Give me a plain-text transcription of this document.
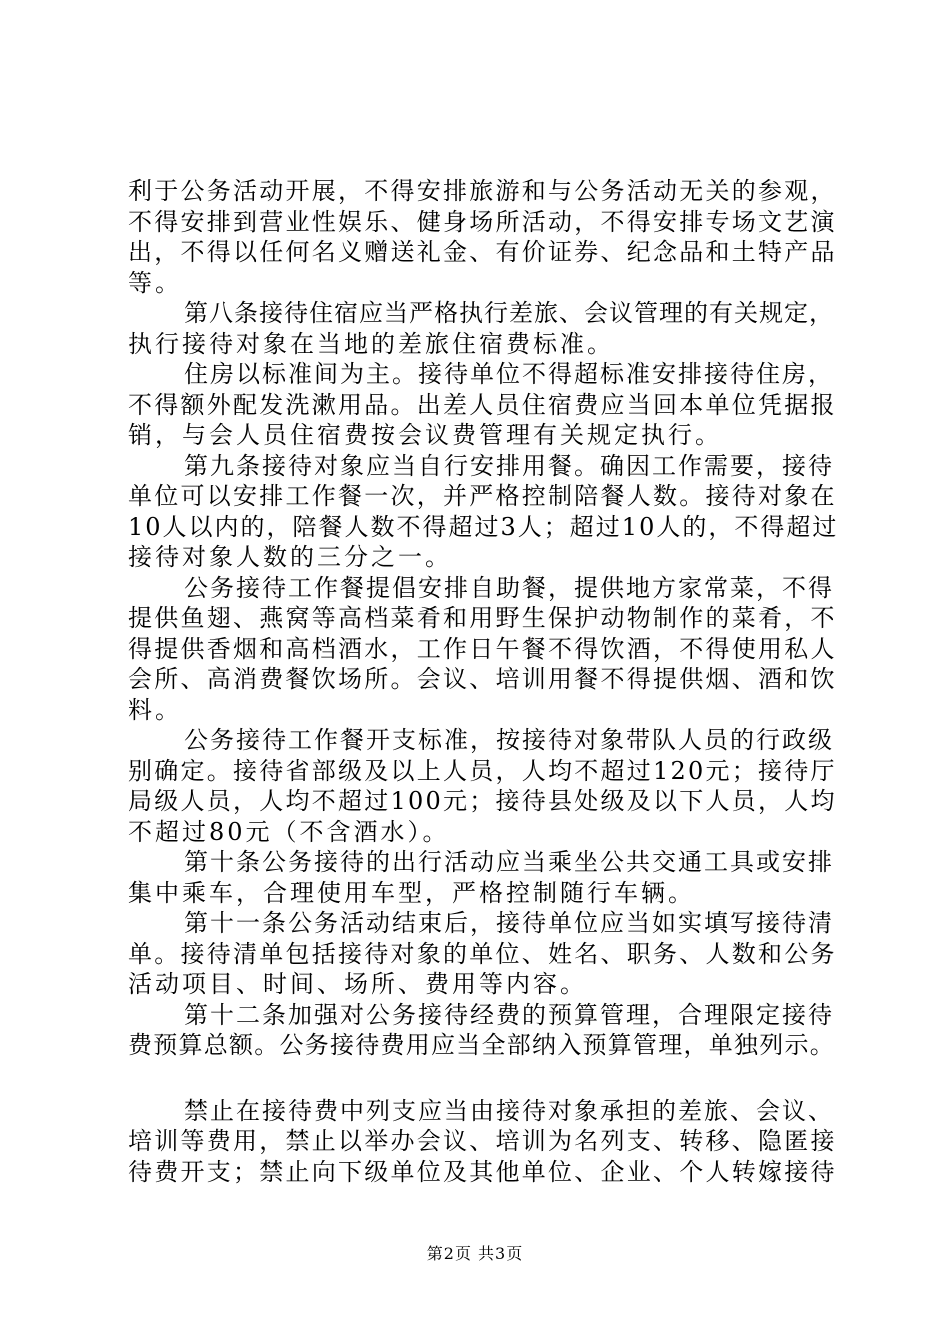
利于公务活动开展，不得安排旅游和与公务活动无关的参观，
不得安排到营业性娱乐、健身场所活动，不得安排专场文艺演
出，不得以任何名义赠送礼金、有价证券、纪念品和土特产品
等。
第八条接待住宿应当严格执行差旅、会议管理的有关规定，
执行接待对象在当地的差旅住宿费标准。
住房以标准间为主。接待单位不得超标准安排接待住房，
不得额外配发洗漱用品。出差人员住宿费应当回本单位凭据报
销，与会人员住宿费按会议费管理有关规定执行。
第九条接待对象应当自行安排用餐。确因工作需要，接待
单位可以安排工作餐一次，并严格控制陪餐人数。接待对象在
10人以内的，陪餐人数不得超过3人；超过10人的，不得超过
接待对象人数的三分之一。
公务接待工作餐提倡安排自助餐，提供地方家常菜，不得
提供鱼翅、燕窝等高档菜肴和用野生保护动物制作的菜肴，不
得提供香烟和高档酒水，工作日午餐不得饮酒，不得使用私人
会所、高消费餐饮场所。会议、培训用餐不得提供烟、酒和饮
料。
公务接待工作餐开支标准，按接待对象带队人员的行政级
别确定。接待省部级及以上人员，人均不超过120元；接待厅
局级人员，人均不超过100元；接待县处级及以下人员，人均
不超过80元（不含酒水）。
第十条公务接待的出行活动应当乘坐公共交通工具或安排
集中乘车，合理使用车型，严格控制随行车辆。
第十一条公务活动结束后，接待单位应当如实填写接待清
单。接待清单包括接待对象的单位、姓名、职务、人数和公务
活动项目、时间、场所、费用等内容。
第十二条加强对公务接待经费的预算管理，合理限定接待
费预算总额。公务接待费用应当全部纳入预算管理，单独列示。
禁止在接待费中列支应当由接待对象承担的差旅、会议、
培训等费用，禁止以举办会议、培训为名列支、转移、隐匿接
待费开支；禁止向下级单位及其他单位、企业、个人转嫁接待
第2页 共3页
